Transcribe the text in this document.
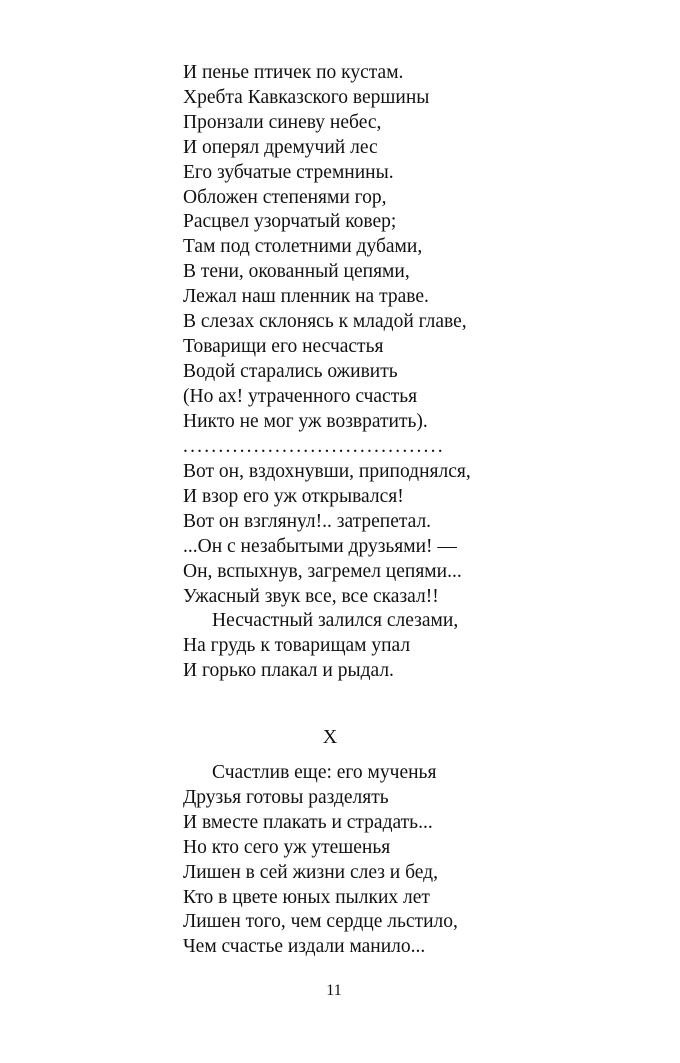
И пенье птичек по кустам.
Хребта Кавказского вершины
Пронзали синеву небес,
И оперял дремучий лес
Его зубчатые стремнины.
Обложен степенями гор,
Расцвел узорчатый ковер;
Там под столетними дубами,
В тени, окованный цепями,
Лежал наш пленник на траве.
В слезах склонясь к младой главе,
Товарищи его несчастья
Водой старались оживить
(Но ах! утраченного счастья
Никто не мог уж возвратить).
.....................................
Вот он, вздохнувши, приподнялся,
И взор его уж открывался!
Вот он взглянул!.. затрепетал.
...Он с незабытыми друзьями! —
Он, вспыхнув, загремел цепями...
Ужасный звук все, все сказал!!
Несчастный залился слезами,
На грудь к товарищам упал
И горько плакал и рыдал.
X
Счастлив еще: его мученья
Друзья готовы разделять
И вместе плакать и страдать...
Но кто сего уж утешенья
Лишен в сей жизни слез и бед,
Кто в цвете юных пылких лет
Лишен того, чем сердце льстило,
Чем счастье издали манило...
11
